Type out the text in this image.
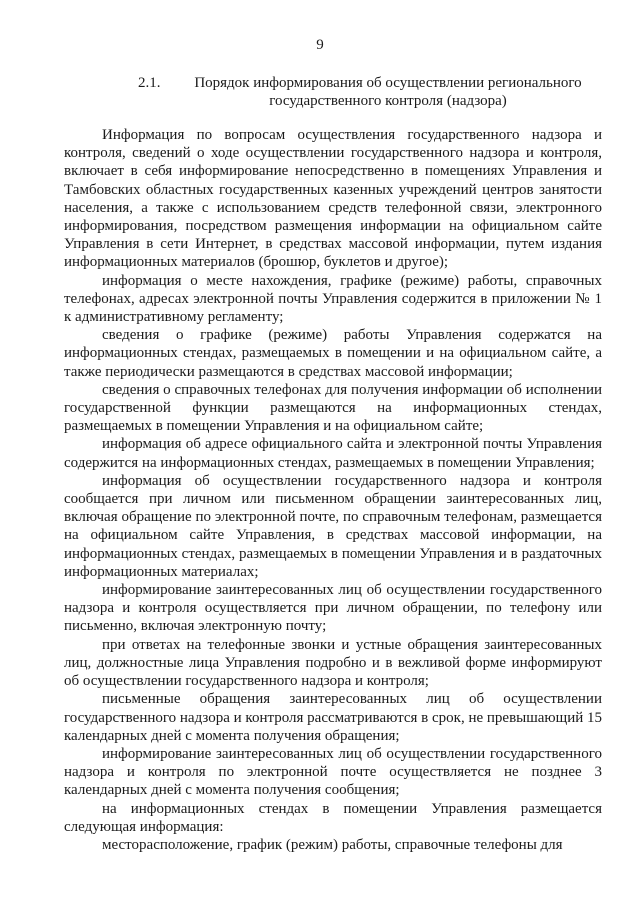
9
2.1.	Порядок информирования об осуществлении регионального государственного контроля (надзора)

Информация по вопросам осуществления государственного надзора и контроля, сведений о ходе осуществлении государственного надзора и контроля, включает в себя информирование непосредственно в помещениях Управления и Тамбовских областных государственных казенных учреждений центров занятости населения, а также с использованием средств телефонной связи, электронного информирования, посредством размещения информации на официальном сайте Управления в сети Интернет, в средствах массовой информации, путем издания информационных материалов (брошюр, буклетов и другое);

информация о месте нахождения, графике (режиме) работы, справочных телефонах, адресах электронной почты Управления содержится в приложении № 1 к административному регламенту;

сведения о графике (режиме) работы Управления содержатся на информационных стендах, размещаемых в помещении и на официальном сайте, а также периодически размещаются в средствах массовой информации;

сведения о справочных телефонах для получения информации об исполнении государственной функции размещаются на информационных стендах, размещаемых в помещении Управления и на официальном сайте;

информация об адресе официального сайта и электронной почты Управления содержится на информационных стендах, размещаемых в помещении Управления;

информация об осуществлении государственного надзора и контроля сообщается при личном или письменном обращении заинтересованных лиц, включая обращение по электронной почте, по справочным телефонам, размещается на официальном сайте Управления, в средствах массовой информации, на информационных стендах, размещаемых в помещении Управления и в раздаточных информационных материалах;

информирование заинтересованных лиц об осуществлении государственного надзора и контроля осуществляется при личном обращении, по телефону или письменно, включая электронную почту;

при ответах на телефонные звонки и устные обращения заинтересованных лиц, должностные лица Управления подробно и в вежливой форме информируют об осуществлении государственного надзора и контроля;

письменные обращения заинтересованных лиц об осуществлении государственного надзора и контроля рассматриваются в срок, не превышающий 15 календарных дней с момента получения обращения;

информирование заинтересованных лиц об осуществлении государственного надзора и контроля по электронной почте осуществляется не позднее 3 календарных дней с момента получения сообщения;

на информационных стендах в помещении Управления размещается следующая информация:

месторасположение, график (режим) работы, справочные телефоны для
